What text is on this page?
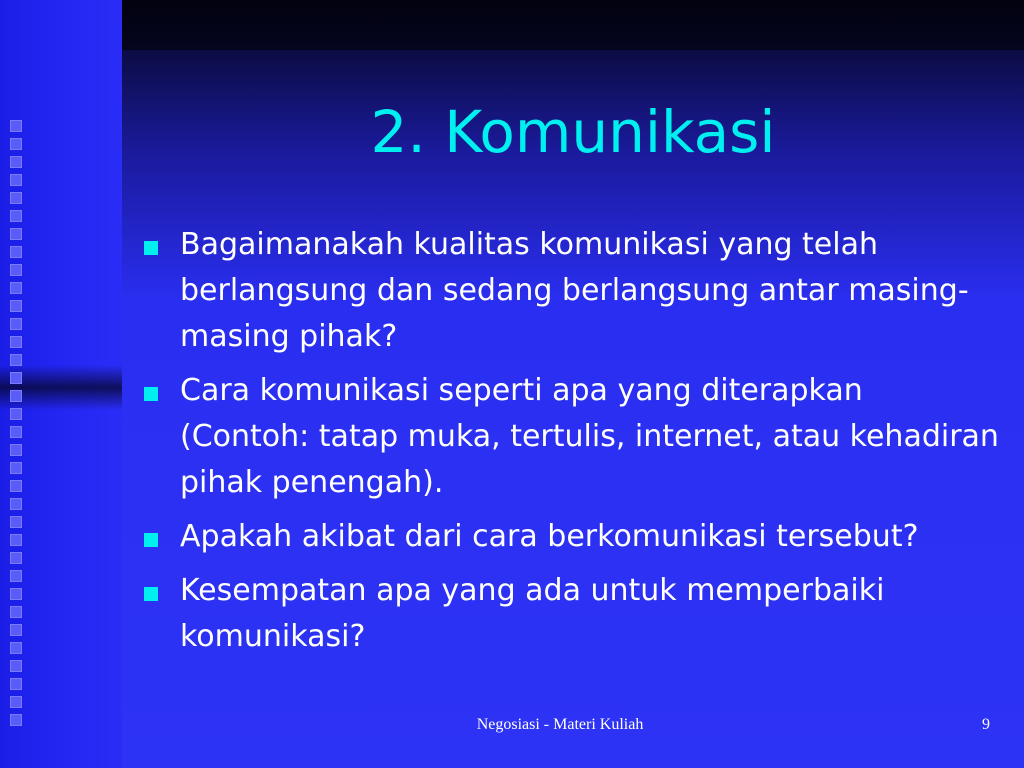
2. Komunikasi
Bagaimanakah kualitas komunikasi yang telah berlangsung dan sedang berlangsung antar masing-masing pihak?
Cara komunikasi seperti apa yang diterapkan (Contoh: tatap muka, tertulis, internet, atau kehadiran pihak penengah).
Apakah akibat dari cara berkomunikasi tersebut?
Kesempatan apa yang ada untuk memperbaiki komunikasi?
Negosiasi - Materi Kuliah	9
